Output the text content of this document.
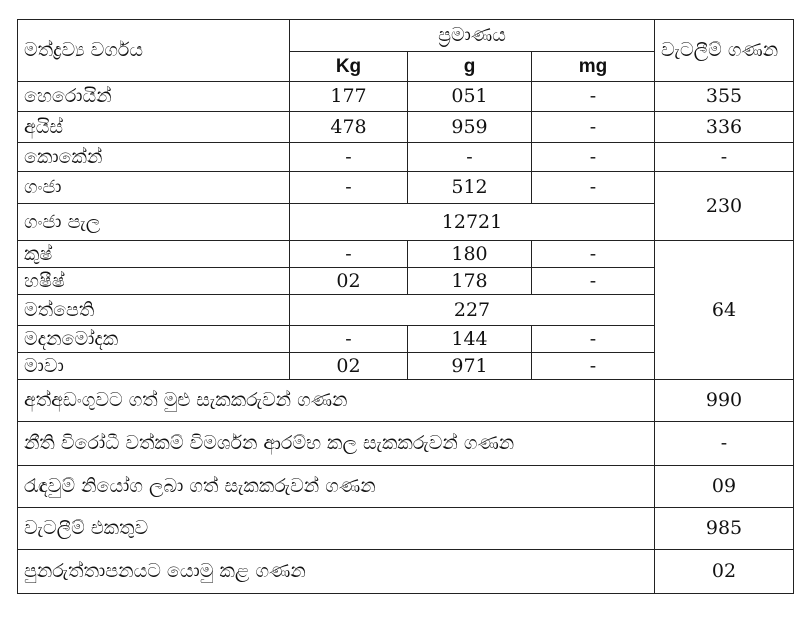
මත්ද්‍රව්‍ය වර්ගය	ප්‍රමාණය			වැටලීම් ගණන
	Kg	g	mg	
හෙරොයින්	177	051	-	355
අයිස්	478	959	-	336
කොකේන්	-	-	-	-
ගංජා	-	512	-	230
ගංජා පැල	12721			
කුෂ්	-	180	-	64
හෂීෂ්	02	178	-	
මත්පෙති	227			
මදනමෝදක	-	144	-	
මාවා	02	971	-	
අත්අඩංගුවට ගත් මුළු සැකකරුවන් ගණන				990
නීති විරෝධී වත්කම් විමර්ශන ආරම්භ කල සැකකරුවන් ගණන				-
රැඳවුම් නියෝග ලබා ගත් සැකකරුවන් ගණන				09
වැටලීම් එකතුව				985
පුනරුත්තාපනයට යොමු කළ ගණන				02
